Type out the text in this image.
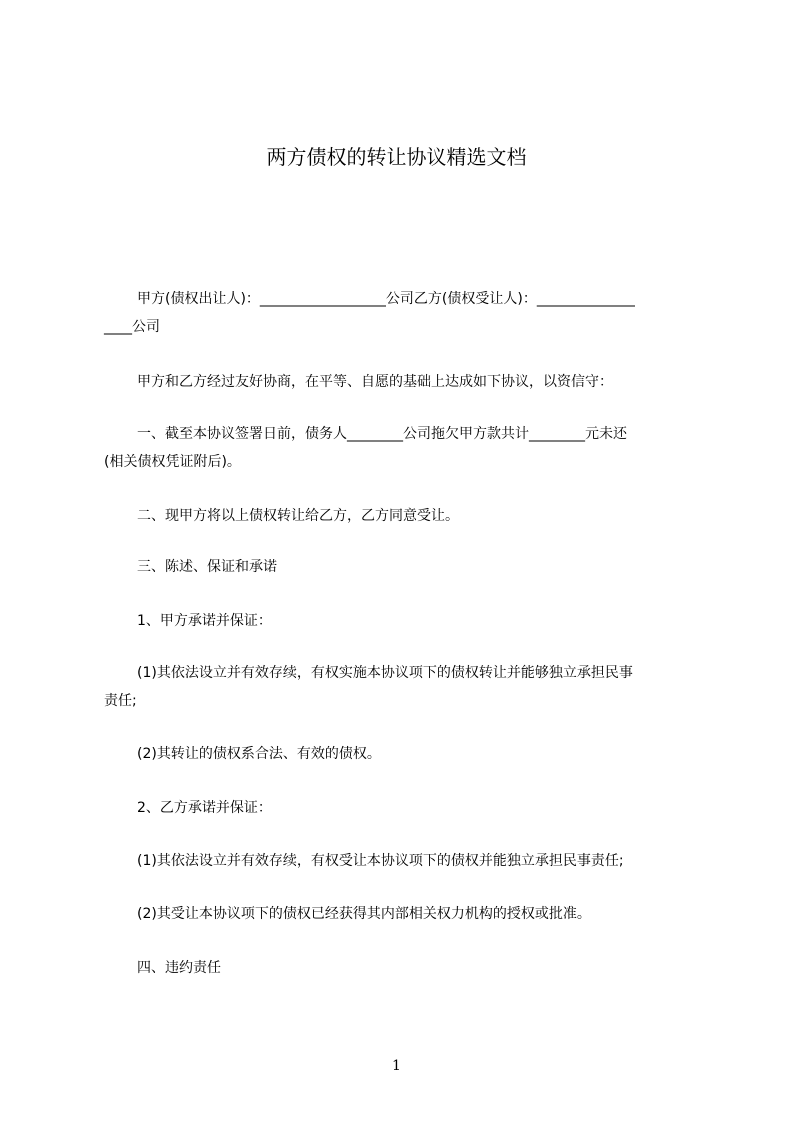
两方债权的转让协议精选文档

甲方(债权出让人)：__________________公司乙方(债权受让人)：______________

____公司

甲方和乙方经过友好协商，在平等、自愿的基础上达成如下协议，以资信守：

一、截至本协议签署日前，债务人________公司拖欠甲方款共计________元未还

(相关债权凭证附后)。

二、现甲方将以上债权转让给乙方，乙方同意受让。

三、陈述、保证和承诺

1、甲方承诺并保证：

(1)其依法设立并有效存续，有权实施本协议项下的债权转让并能够独立承担民事

责任;

(2)其转让的债权系合法、有效的债权。

2、乙方承诺并保证：

(1)其依法设立并有效存续，有权受让本协议项下的债权并能独立承担民事责任;

(2)其受让本协议项下的债权已经获得其内部相关权力机构的授权或批准。

四、违约责任

1
